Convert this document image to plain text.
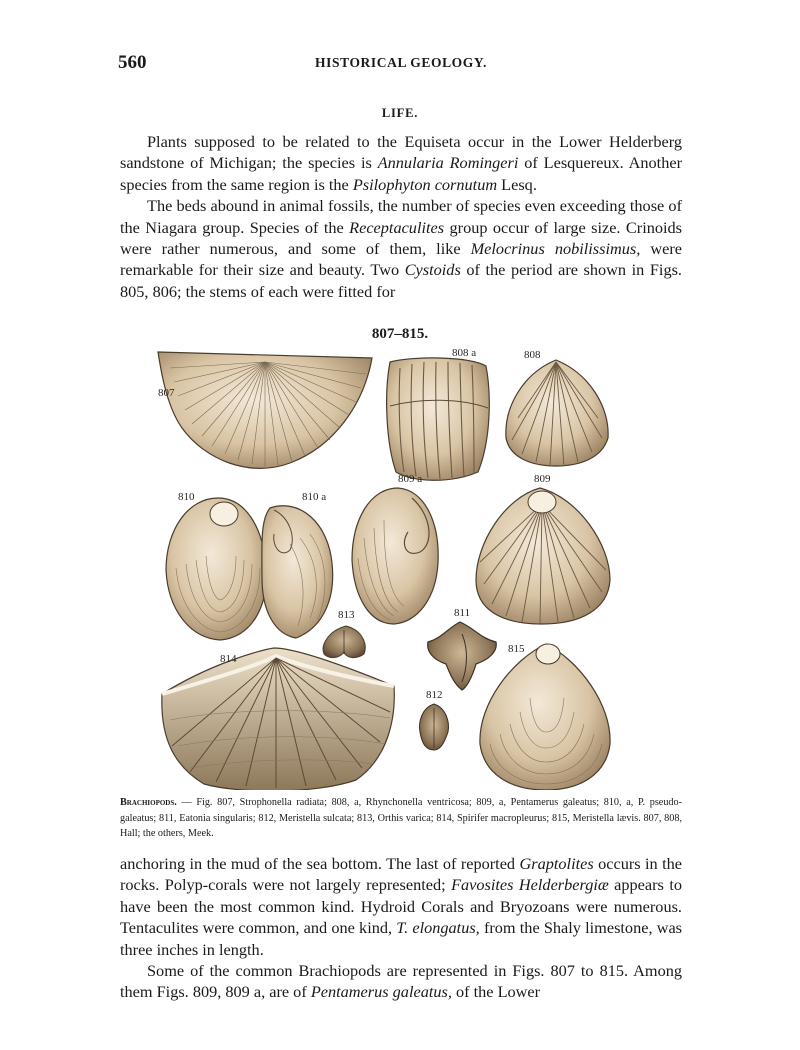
560	HISTORICAL GEOLOGY.
LIFE.

Plants supposed to be related to the Equiseta occur in the Lower Helderberg sandstone of Michigan; the species is Annularia Romingeri of Lesquereux. Another species from the same region is the Psilophyton cornutum Lesq.

The beds abound in animal fossils, the number of species even exceeding those of the Niagara group. Species of the Receptaculites group occur of large size. Crinoids were rather numerous, and some of them, like Melocrinus nobilissimus, were remarkable for their size and beauty. Two Cystoids of the period are shown in Figs. 805, 806; the stems of each were fitted for

807–815.
807
808 a	808
810	810 a
809 a	809
813	811
814
815
812
Brachiopods. — Fig. 807, Strophonella radiata; 808, a, Rhynchonella ventricosa; 809, a, Pentamerus galeatus; 810, a, P. pseudo-galeatus; 811, Eatonia singularis; 812, Meristella sulcata; 813, Orthis varica; 814, Spirifer macropleurus; 815, Meristella lævis. 807, 808, Hall; the others, Meek.

anchoring in the mud of the sea bottom. The last of reported Graptolites occurs in the rocks. Polyp-corals were not largely represented; Favosites Helderbergiæ appears to have been the most common kind. Hydroid Corals and Bryozoans were numerous. Tentaculites were common, and one kind, T. elongatus, from the Shaly limestone, was three inches in length.

Some of the common Brachiopods are represented in Figs. 807 to 815. Among them Figs. 809, 809 a, are of Pentamerus galeatus, of the Lower
